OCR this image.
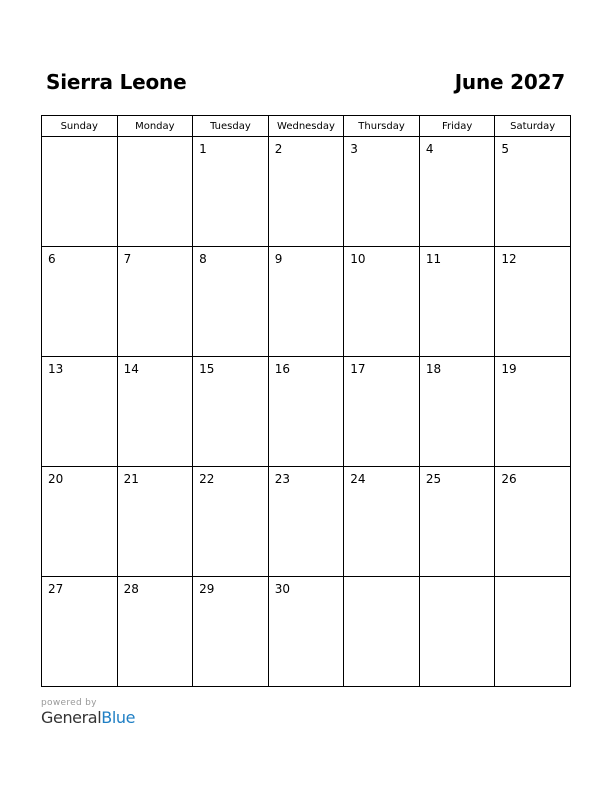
Sierra Leone	June 2027
Sunday	Monday	Tuesday	Wednesday	Thursday	Friday	Saturday

		1	2	3	4	5

6	7	8	9	10	11	12

13	14	15	16	17	18	19

20	21	22	23	24	25	26

27	28	29	30			

powered by
GeneralBlue
